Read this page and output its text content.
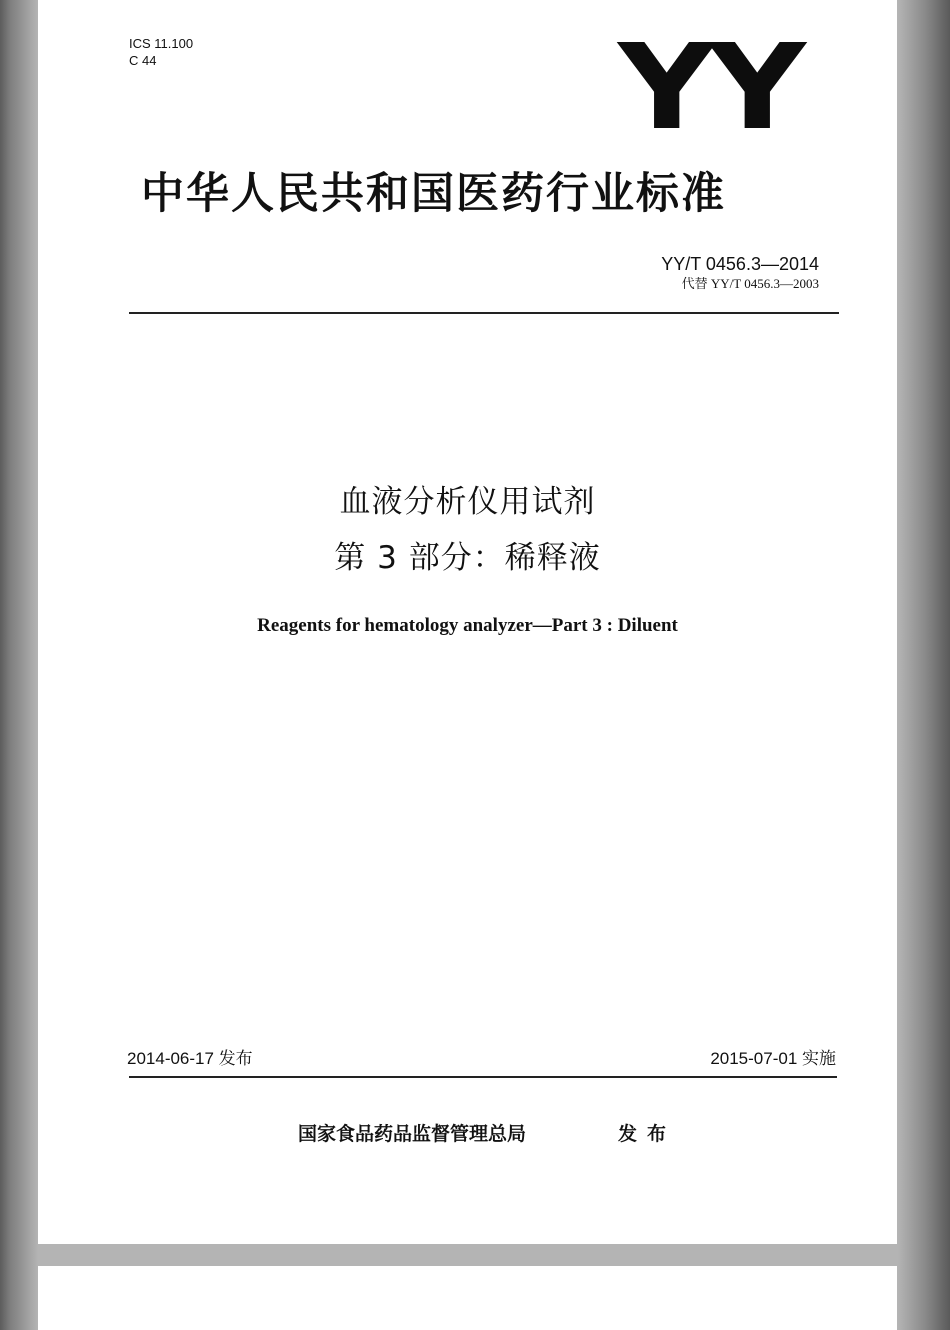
ICS 11.100
C 44	YY
中华人民共和国医药行业标准
YY/T 0456.3—2014
代替 YY/T 0456.3—2003
血液分析仪用试剂
第 3 部分：稀释液
Reagents for hematology analyzer—Part 3 : Diluent
2014-06-17 发布	2015-07-01 实施
国家食品药品监督管理总局	发布
